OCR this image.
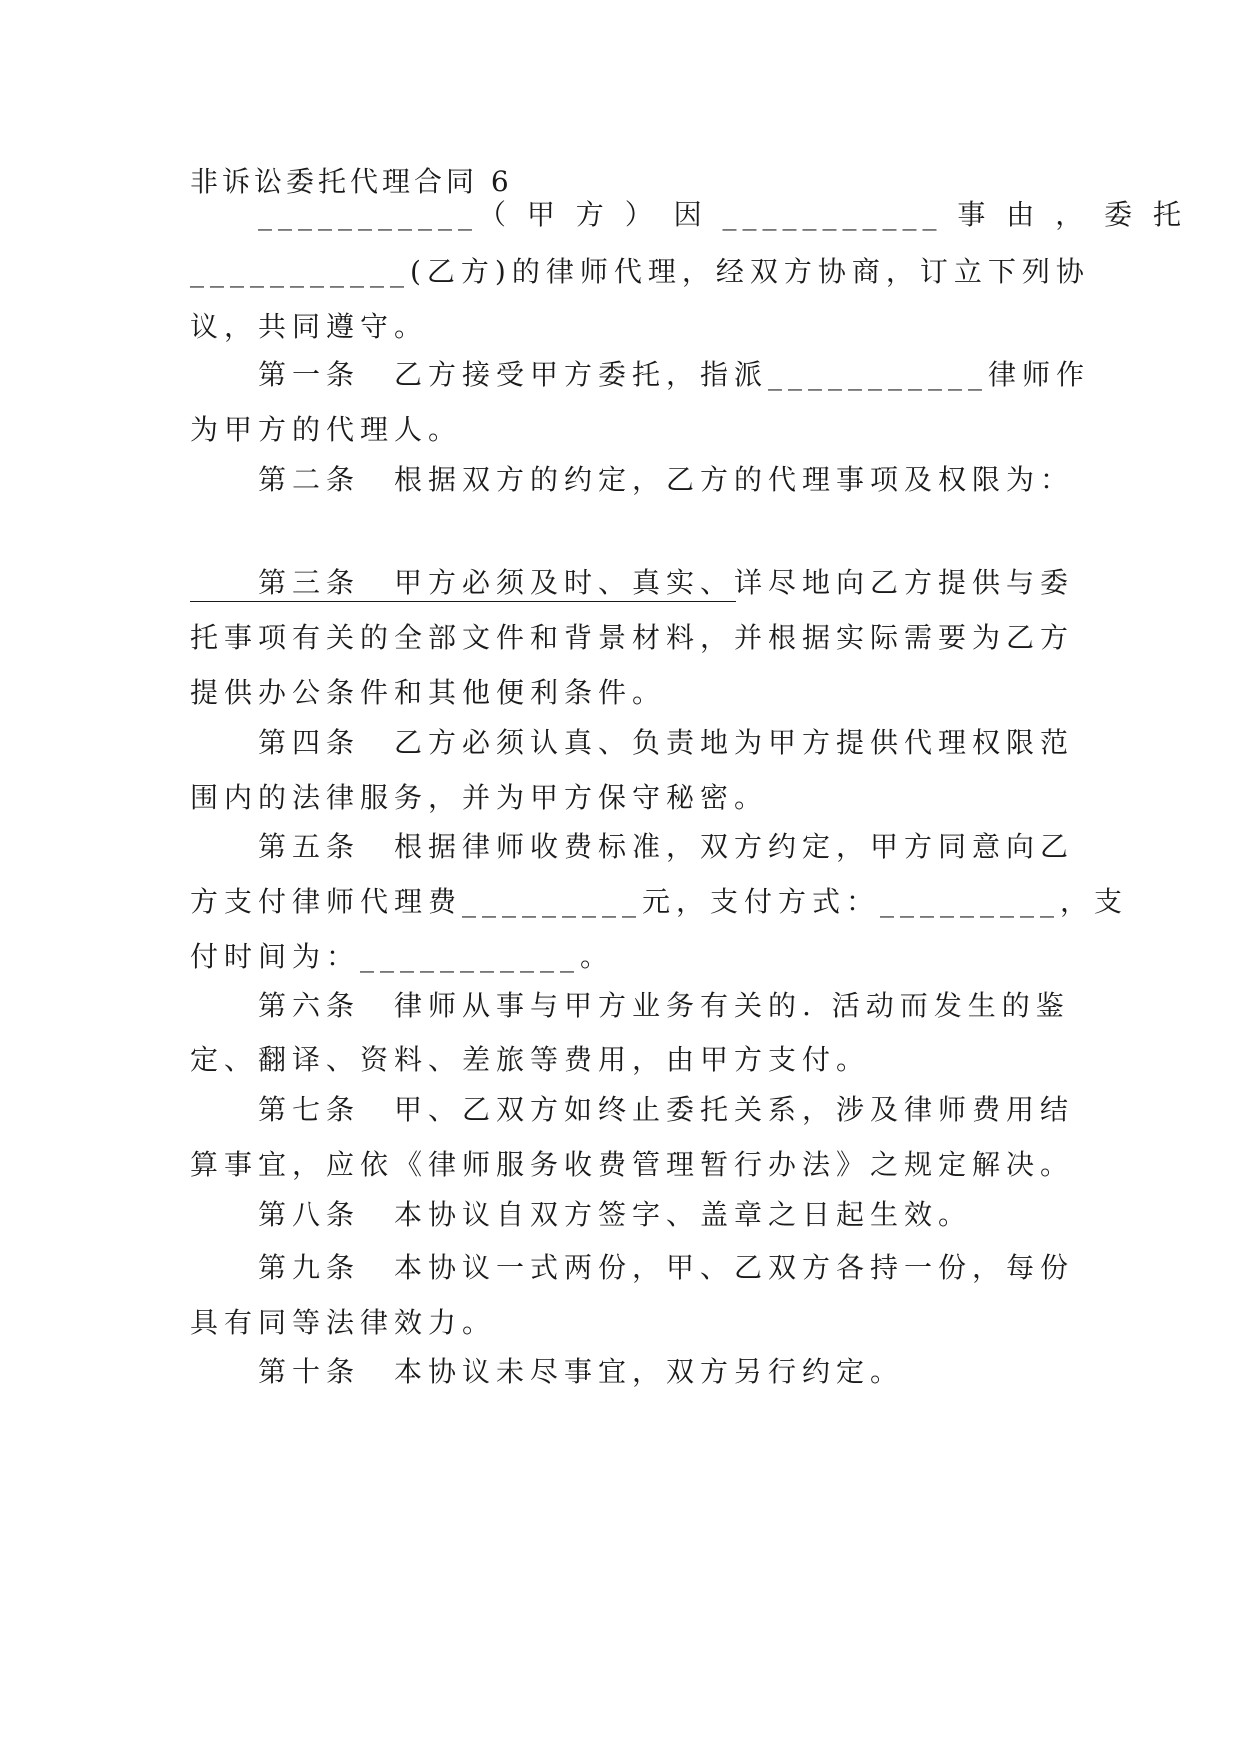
非诉讼委托代理合同 6
___________（ 甲 方 ） 因 ___________ 事 由 ， 委 托
___________(乙方)的律师代理，经双方协商，订立下列协
议，共同遵守。
第一条　乙方接受甲方委托，指派___________律师作
为甲方的代理人。
第二条　根据双方的约定，乙方的代理事项及权限为：
第三条　甲方必须及时、真实、详尽地向乙方提供与委
托事项有关的全部文件和背景材料，并根据实际需要为乙方
提供办公条件和其他便利条件。
第四条　乙方必须认真、负责地为甲方提供代理权限范
围内的法律服务，并为甲方保守秘密。
第五条　根据律师收费标准，双方约定，甲方同意向乙
方支付律师代理费_________元，支付方式：_________，支
付时间为：___________。
第六条　律师从事与甲方业务有关的. 活动而发生的鉴
定、翻译、资料、差旅等费用，由甲方支付。
第七条　甲、乙双方如终止委托关系，涉及律师费用结
算事宜，应依《律师服务收费管理暂行办法》之规定解决。
第八条　本协议自双方签字、盖章之日起生效。
第九条　本协议一式两份，甲、乙双方各持一份，每份
具有同等法律效力。
第十条　本协议未尽事宜，双方另行约定。
